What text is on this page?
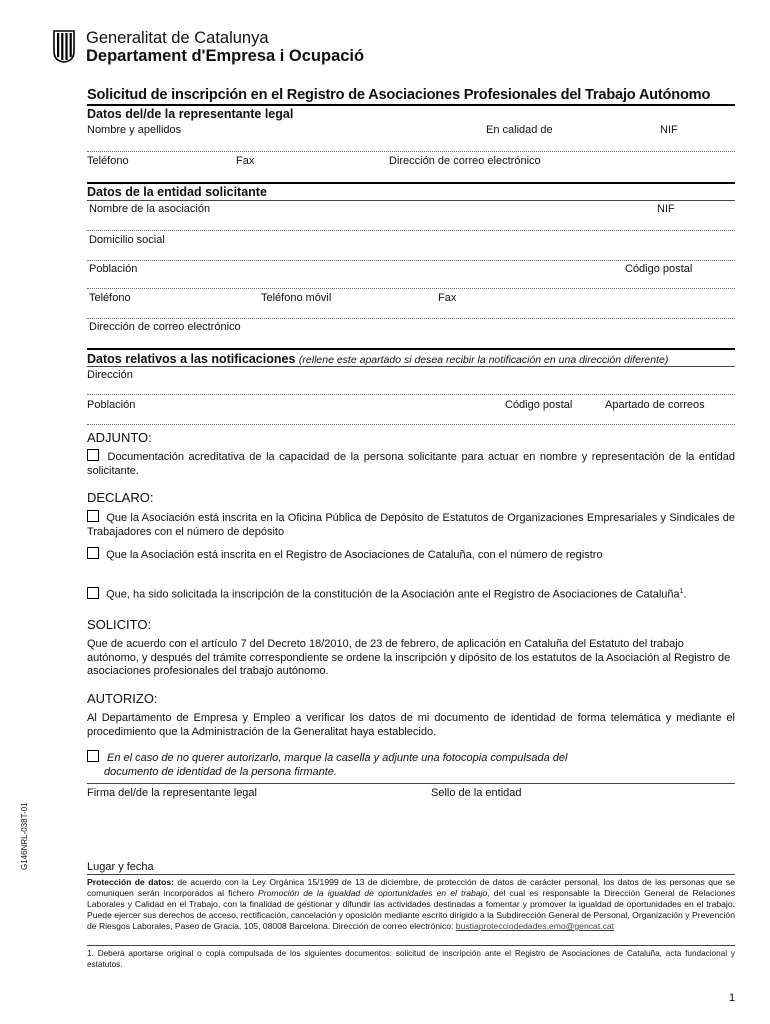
Generalitat de Catalunya
Departament d'Empresa i Ocupació
Solicitud de inscripción en el Registro de Asociaciones Profesionales del Trabajo Autónomo
Datos del/de la representante legal
Nombre y apellidos	En calidad de	NIF
Teléfono	Fax	Dirección de correo electrónico
Datos de la entidad solicitante
Nombre de la asociación	NIF
Domicilio social
Población	Código postal
Teléfono	Teléfono móvil	Fax
Dirección de correo electrónico
Datos relativos a las notificaciones (rellene este apartado si desea recibir la notificación en una dirección diferente)
Dirección
Población	Código postal	Apartado de correos
ADJUNTO:
Documentación acreditativa de la capacidad de la persona solicitante para actuar en nombre y representación de la entidad solicitante.
DECLARO:
Que la Asociación está inscrita en la Oficina Pública de Depósito de Estatutos de Organizaciones Empresariales y Sindicales de Trabajadores con el número de depósito
Que la Asociación está inscrita en el Registro de Asociaciones de Cataluña, con el número de registro
Que, ha sido solicitada la inscripción de la constitución de la Asociación ante el Registro de Asociaciones de Cataluña$^1$.
SOLICITO:
Que de acuerdo con el artículo 7 del Decreto 18/2010, de 23 de febrero, de aplicación en Cataluña del Estatuto del trabajo autónomo, y después del trámite correspondiente se ordene la inscripción y dipósito de los estatutos de la Asociación al Registro de asociaciones profesionales del trabajo autónomo.
AUTORIZO:
Al Departamento de Empresa y Empleo a verificar los datos de mi documento de identidad de forma telemática y mediante el procedimiento que la Administración de la Generalitat haya establecido.
En el caso de no querer autorizarlo, marque la casella y adjunte una fotocopia compulsada del
documento de identidad de la persona firmante.
Firma del/de la representante legal	Sello de la entidad
Lugar y fecha
G146NRL-038T-01
Protección de datos: de acuerdo con la Ley Orgánica 15/1999 de 13 de diciembre, de protección de datos de carácter personal, los datos de las personas que se comuniquen serán incorporados al fichero Promoción de la igualdad de oportunidades en el trabajo, del cual es responsable la Dirección General de Relaciones Laborales y Calidad en el Trabajo, con la finalidad de gestionar y difundir las actividades destinadas a fomentar y promover la igualdad de oportunidades en el trabajo. Puede ejercer sus derechos de acceso, rectificación, cancelación y oposición mediante escrito dirigido a la Subdirección General de Personal, Organización y Prevención de Riesgos Laborales, Paseo de Gracia, 105, 08008 Barcelona. Dirección de correo electrónico: bustiaprotecciodedades.emo@gencat.cat
1. Deberá aportarse original o copia compulsada de los siguientes documentos: solicitud de inscripción ante el Registro de Asociaciones de Cataluña, acta fundacional y estatutos.
1
